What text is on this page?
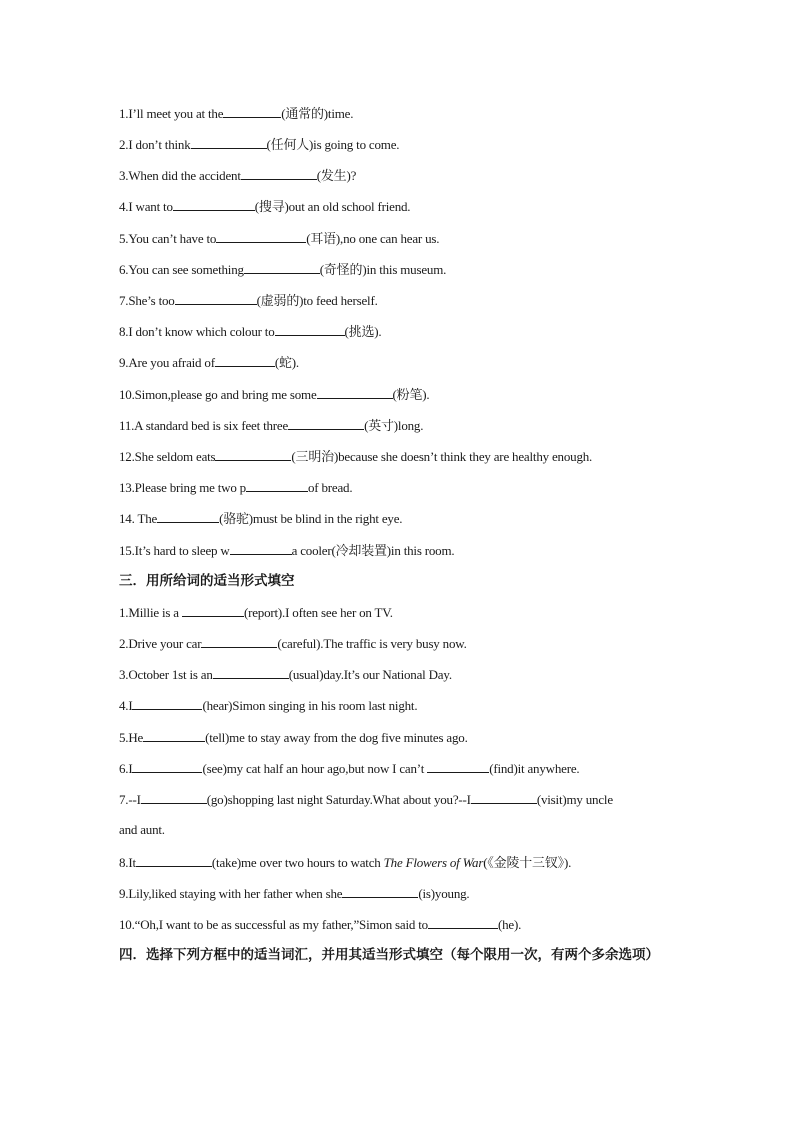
1.I’ll meet you at the	(通常的)time.
2.I don’t think	(任何人)is going to come.
3.When did the accident	(发生)?
4.I want to	(搜寻)out an old school friend.
5.You can’t have to	(耳语),no one can hear us.
6.You can see something	(奇怪的)in this museum.
7.She’s too	(虚弱的)to feed herself.
8.I don’t know which colour to	(挑选).
9.Are you afraid of	(蛇).
10.Simon,please go and bring me some	(粉笔).
11.A standard bed is six feet three	(英寸)long.
12.She seldom eats	(三明治)because she doesn’t think they are healthy enough.
13.Please bring me two p	of bread.
14. The	(骆驼)must be blind in the right eye.
15.It’s hard to sleep w	a cooler(冷却装置)in this room.
三．用所给词的适当形式填空
1.Millie is a	(report).I often see her on TV.
2.Drive your car	(careful).The traffic is very busy now.
3.October 1st is an	(usual)day.It’s our National Day.
4.I	(hear)Simon singing in his room last night.
5.He	(tell)me to stay away from the dog five minutes ago.
6.I	(see)my cat half an hour ago,but now I can’t	(find)it anywhere.
7.--I	(go)shopping last night Saturday.What about you?--I	(visit)my uncle
and aunt.
8.It	(take)me over two hours to watch The Flowers of War(《金陵十三钗》).
9.Lily,liked staying with her father when she	(is)young.
10.“Oh,I want to be as successful as my father,”Simon said to	(he).
四．选择下列方框中的适当词汇，并用其适当形式填空（每个限用一次，有两个多余选项）
